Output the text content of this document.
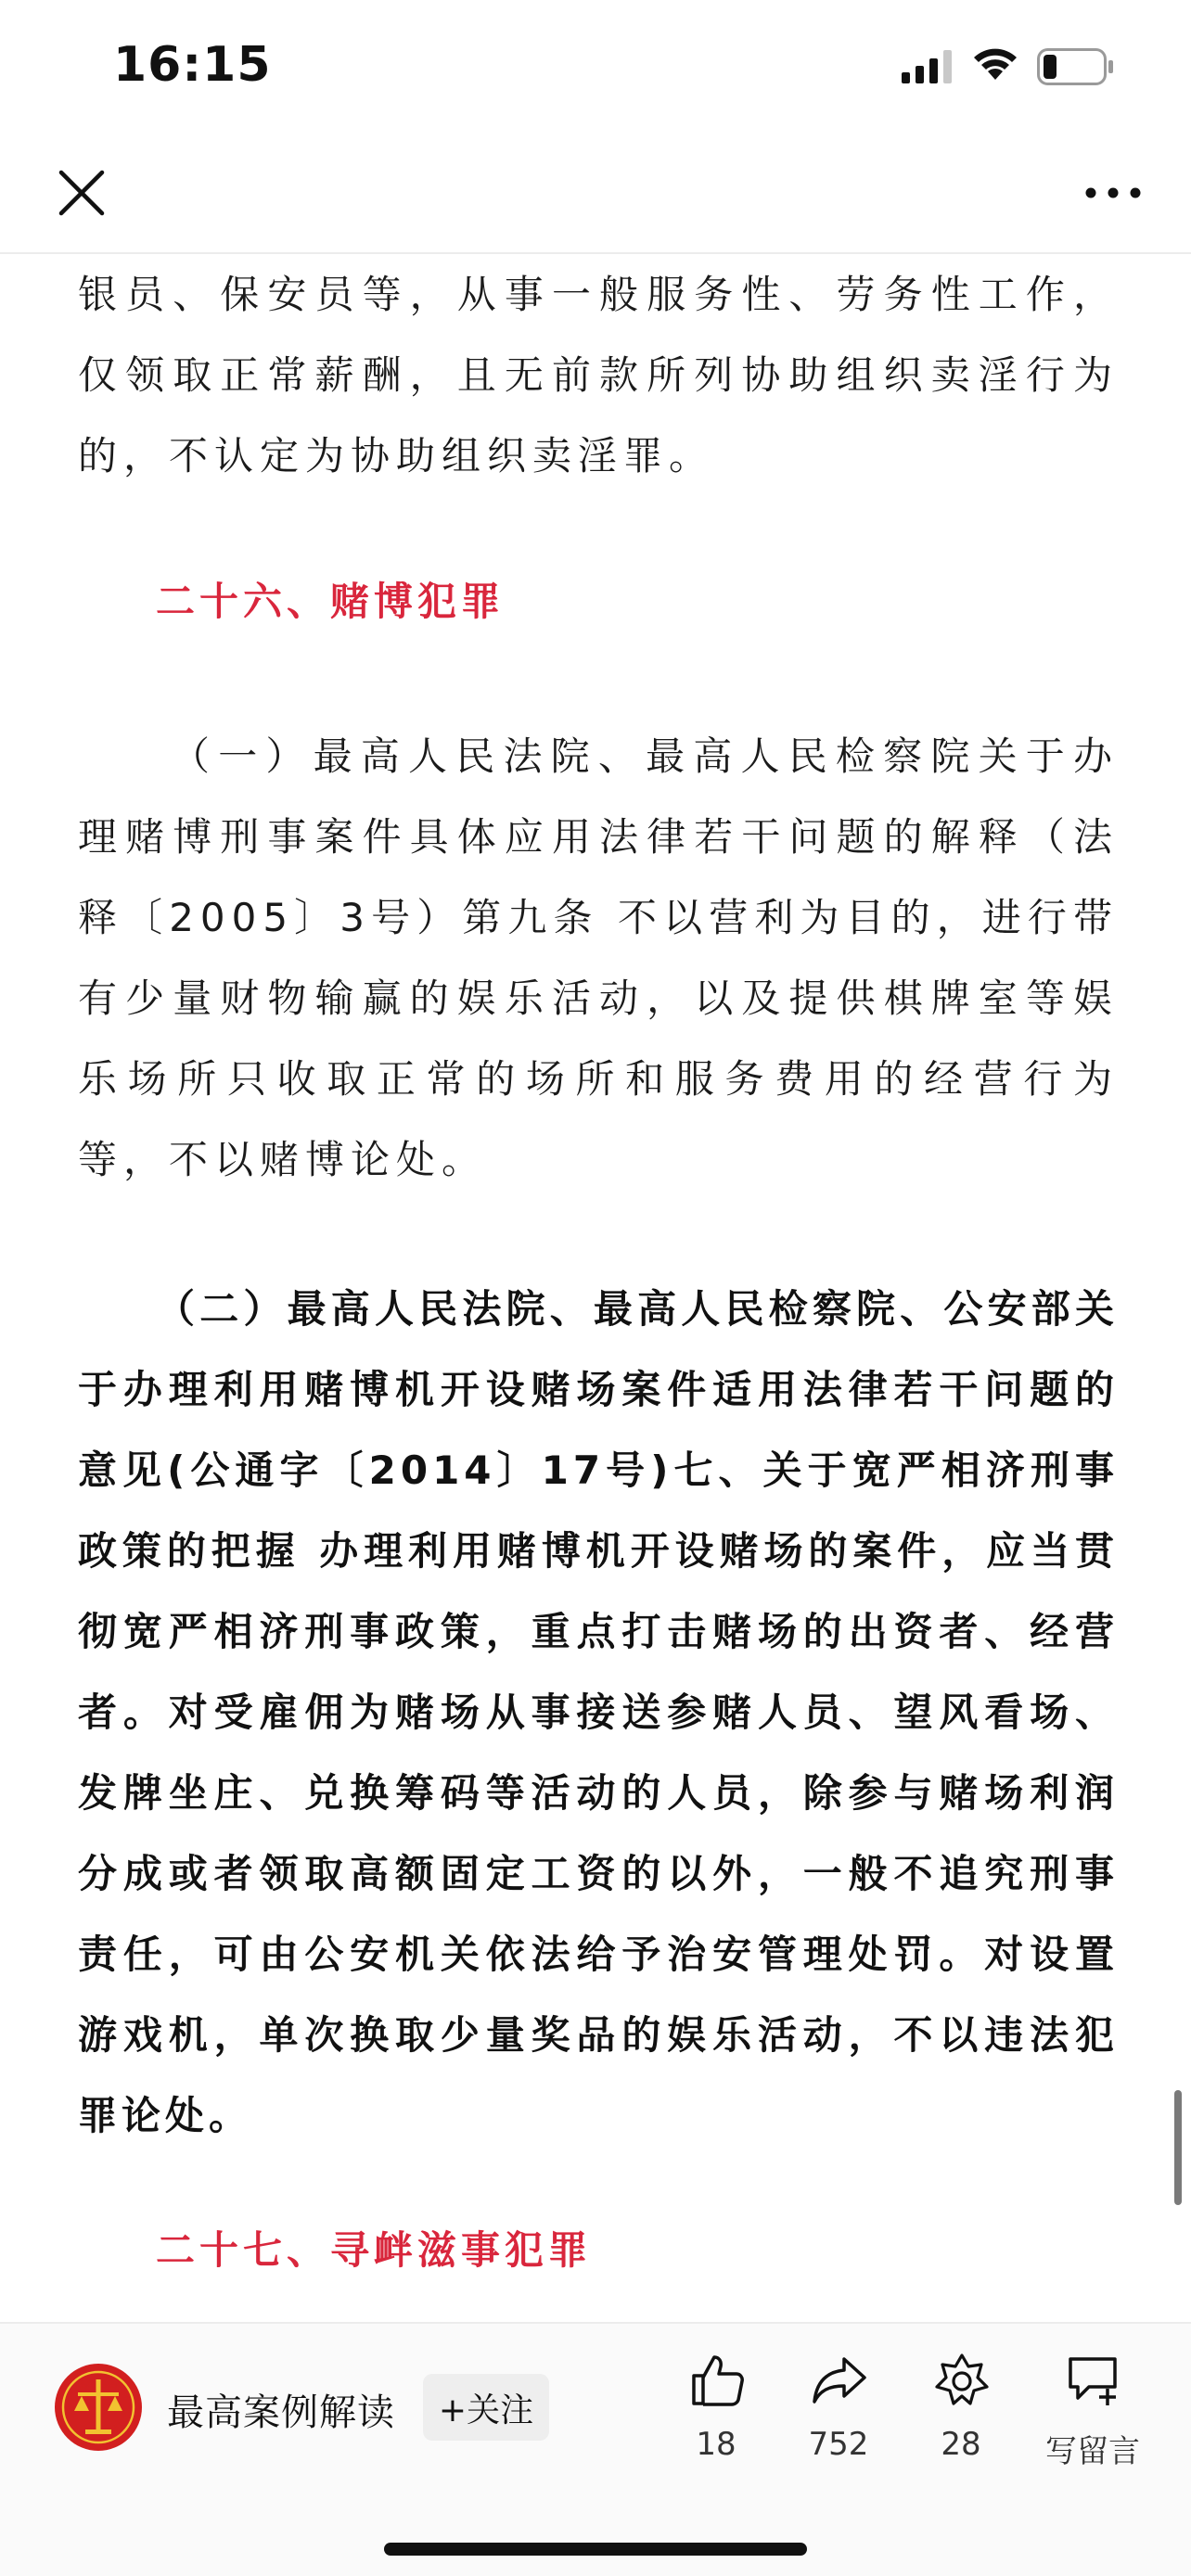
16:15

银员、保安员等，从事一般服务性、劳务性工作，仅领取正常薪酬，且无前款所列协助组织卖淫行为的，不认定为协助组织卖淫罪。

二十六、赌博犯罪

（一）最高人民法院、最高人民检察院关于办理赌博刑事案件具体应用法律若干问题的解释（法释〔2005〕3号）第九条 不以营利为目的，进行带有少量财物输赢的娱乐活动，以及提供棋牌室等娱乐场所只收取正常的场所和服务费用的经营行为等，不以赌博论处。

（二）最高人民法院、最高人民检察院、公安部关于办理利用赌博机开设赌场案件适用法律若干问题的意见(公通字〔2014〕17号)七、关于宽严相济刑事政策的把握 办理利用赌博机开设赌场的案件，应当贯彻宽严相济刑事政策，重点打击赌场的出资者、经营者。对受雇佣为赌场从事接送参赌人员、望风看场、发牌坐庄、兑换筹码等活动的人员，除参与赌场利润分成或者领取高额固定工资的以外，一般不追究刑事责任，可由公安机关依法给予治安管理处罚。对设置游戏机，单次换取少量奖品的娱乐活动，不以违法犯罪论处。

二十七、寻衅滋事犯罪
最高案例解读	+关注
18	752	28	写留言
